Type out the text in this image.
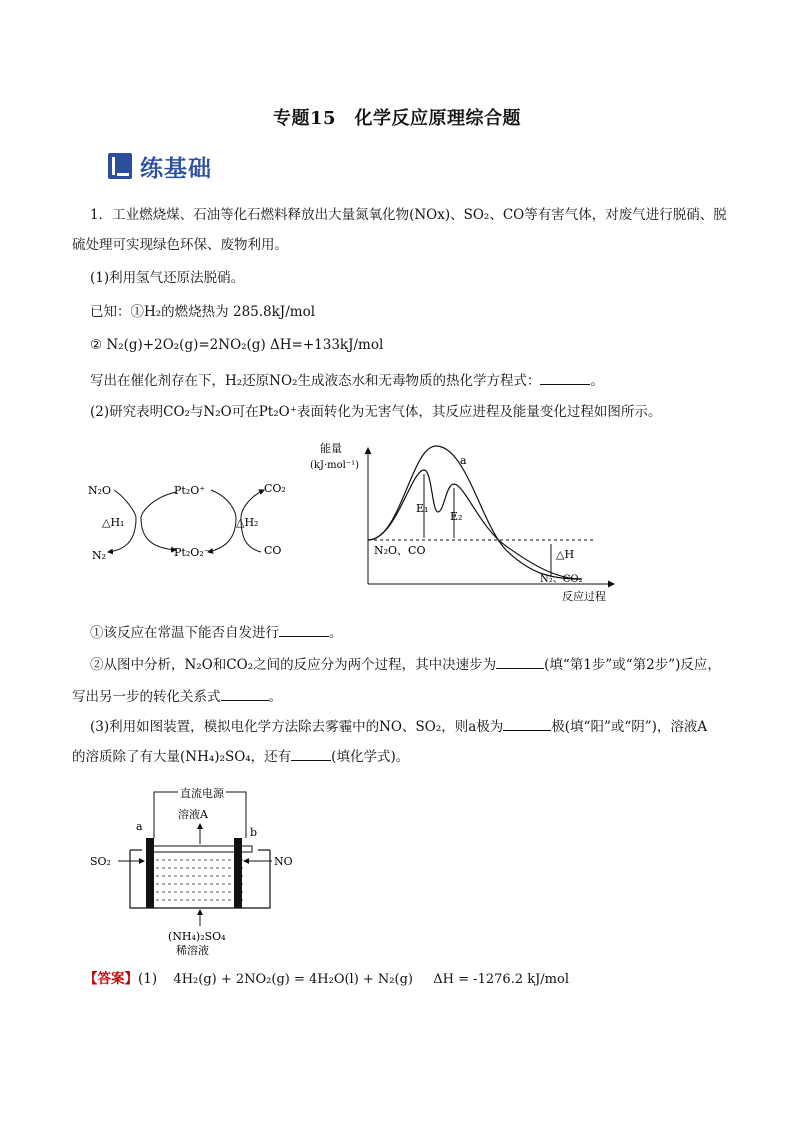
专题15　化学反应原理综合题
练基础
1．工业燃烧煤、石油等化石燃料释放出大量氮氧化物(NOx)、SO₂、CO等有害气体，对废气进行脱硝、脱
硫处理可实现绿色环保、废物利用。
(1)利用氢气还原法脱硝。
已知：①H₂的燃烧热为 285.8kJ/mol
② N₂(g)+2O₂(g)=2NO₂(g) ΔH=+133kJ/mol
写出在催化剂存在下，H₂还原NO₂生成液态水和无毒物质的热化学方程式：	。
(2)研究表明CO₂与N₂O可在Pt₂O⁺表面转化为无害气体，其反应进程及能量变化过程如图所示。
N₂O
N₂
△H₁
Pt₂O⁺
Pt₂O₂⁻
△H₂
CO₂
CO
能量
(kJ·mol⁻¹)
反应过程
a
E₁
E₂
△H
N₂O、CO
N₂、CO₂
①该反应在常温下能否自发进行	。
②从图中分析，N₂O和CO₂之间的反应分为两个过程，其中决速步为	(填“第1步”或“第2步”)反应，
写出另一步的转化关系式	。
(3)利用如图装置，模拟电化学方法除去雾霾中的NO、SO₂，则a极为	极(填“阳”或“阴”)，溶液A
的溶质除了有大量(NH₄)₂SO₄，还有	(填化学式)。
直流电源
溶液A
a	b
SO₂	NO
(NH₄)₂SO₄
稀溶液
【答案】(1) 4H₂(g) + 2NO₂(g) = 4H₂O(l) + N₂(g) ΔH = -1276.2 kJ/mol
